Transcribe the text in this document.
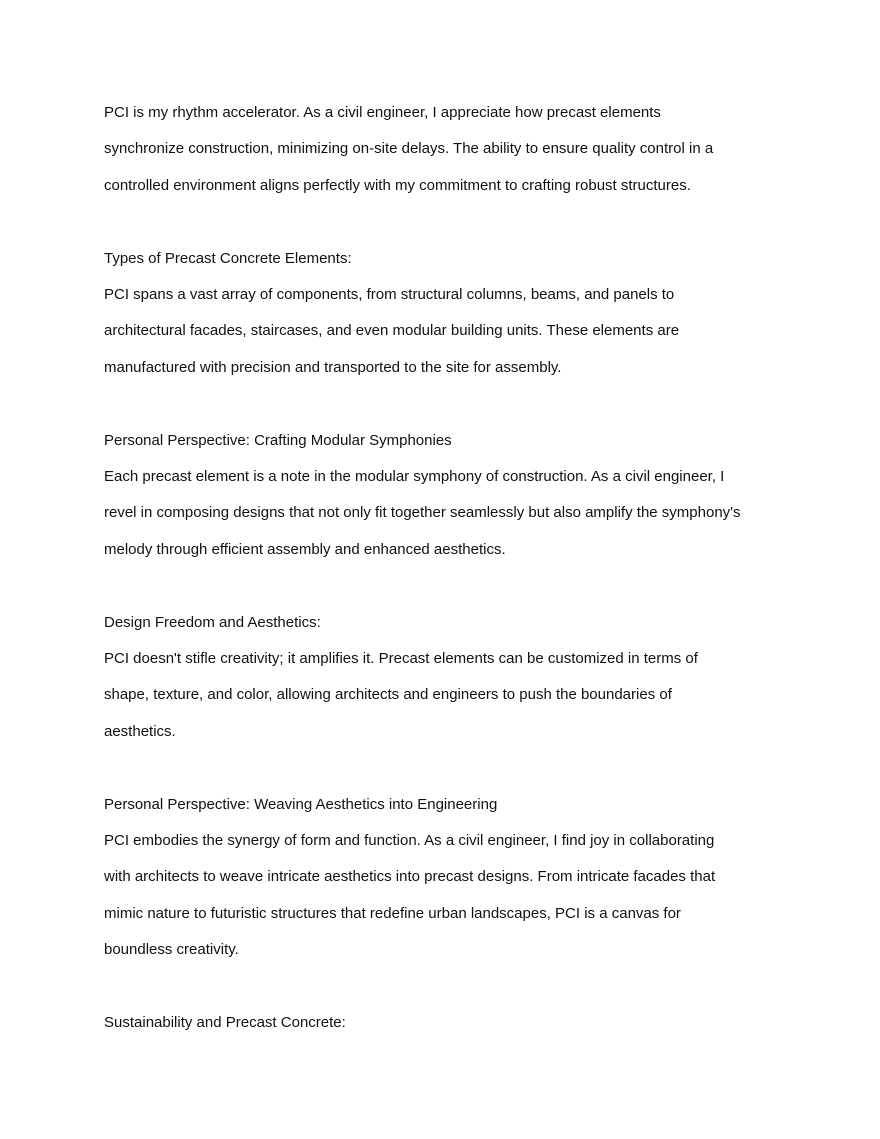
PCI is my rhythm accelerator. As a civil engineer, I appreciate how precast elements
synchronize construction, minimizing on-site delays. The ability to ensure quality control in a
controlled environment aligns perfectly with my commitment to crafting robust structures.
Types of Precast Concrete Elements:
PCI spans a vast array of components, from structural columns, beams, and panels to
architectural facades, staircases, and even modular building units. These elements are
manufactured with precision and transported to the site for assembly.
Personal Perspective: Crafting Modular Symphonies
Each precast element is a note in the modular symphony of construction. As a civil engineer, I
revel in composing designs that not only fit together seamlessly but also amplify the symphony's
melody through efficient assembly and enhanced aesthetics.
Design Freedom and Aesthetics:
PCI doesn't stifle creativity; it amplifies it. Precast elements can be customized in terms of
shape, texture, and color, allowing architects and engineers to push the boundaries of
aesthetics.
Personal Perspective: Weaving Aesthetics into Engineering
PCI embodies the synergy of form and function. As a civil engineer, I find joy in collaborating
with architects to weave intricate aesthetics into precast designs. From intricate facades that
mimic nature to futuristic structures that redefine urban landscapes, PCI is a canvas for
boundless creativity.
Sustainability and Precast Concrete:
